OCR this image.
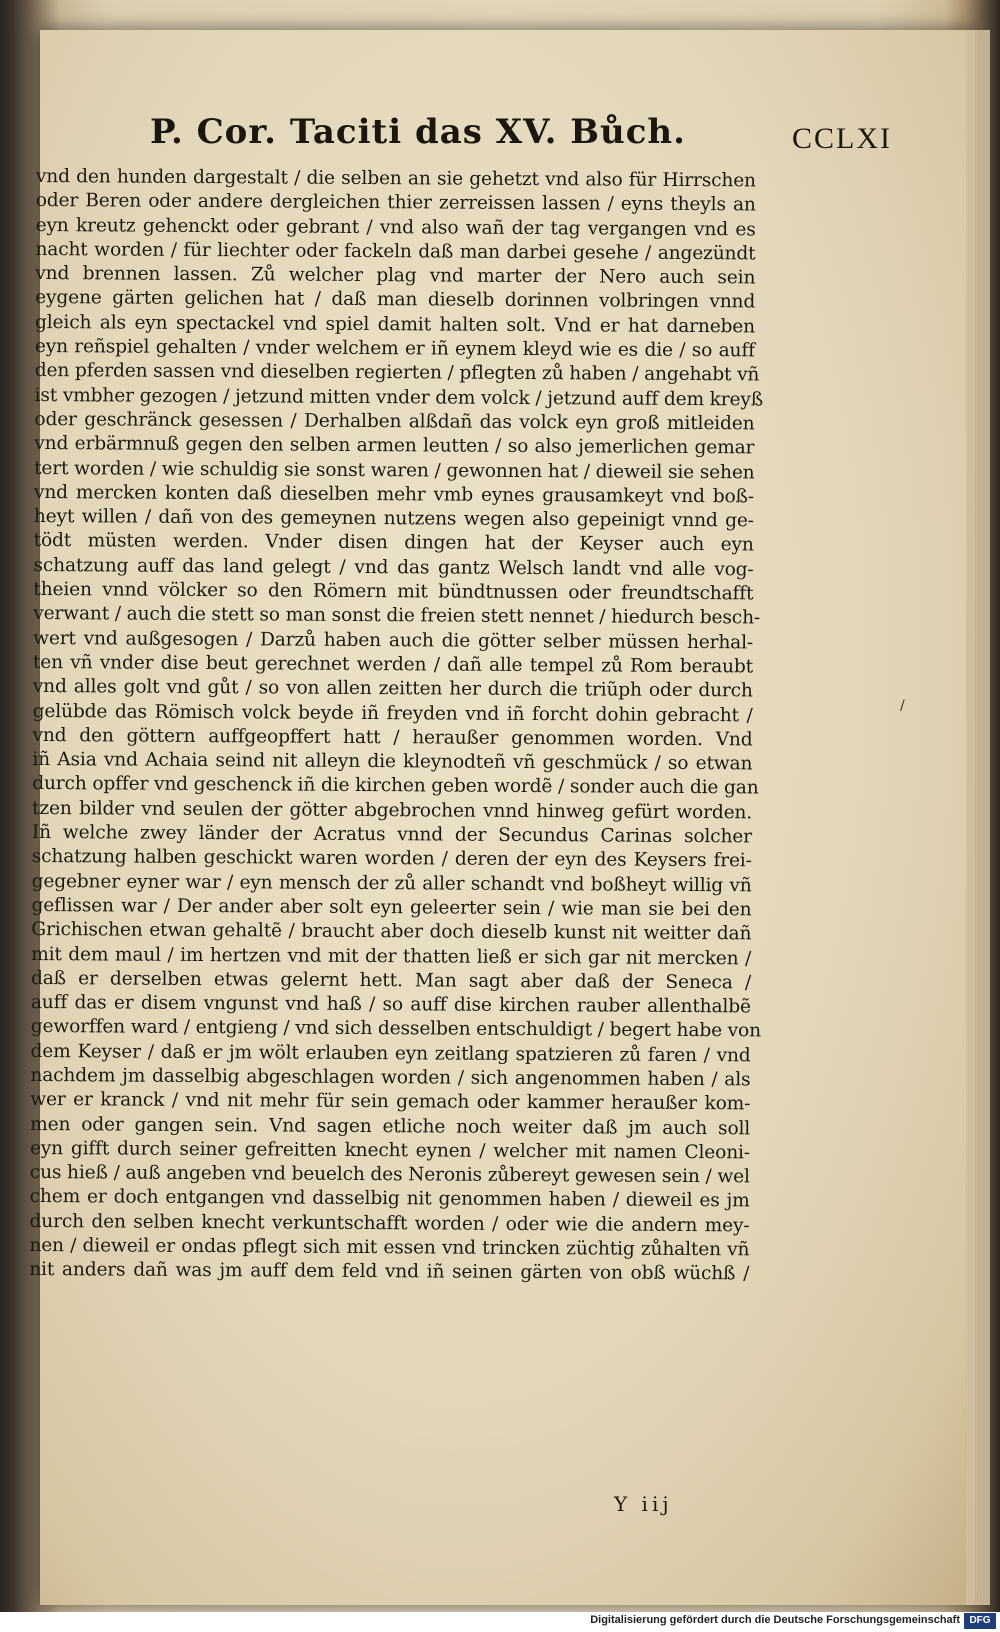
P. Cor. Taciti das XV. Bůch.	CCLXI
vnd den hunden dargestalt / die selben an sie gehetzt vnd also für Hirrschen
oder Beren oder andere dergleichen thier zerreissen lassen / eyns theyls an
eyn kreutz gehenckt oder gebrant / vnd also wañ der tag vergangen vnd es
nacht worden / für liechter oder fackeln daß man darbei gesehe / angezündt
vnd brennen lassen. Zů welcher plag vnd marter der Nero auch sein
eygene gärten gelichen hat / daß man dieselb dorinnen volbringen vnnd
gleich als eyn spectackel vnd spiel damit halten solt. Vnd er hat darneben
eyn reñspiel gehalten / vnder welchem er iñ eynem kleyd wie es die / so auff
den pferden sassen vnd dieselben regierten / pflegten zů haben / angehabt vñ
ist vmbher gezogen / jetzund mitten vnder dem volck / jetzund auff dem kreyß
oder geschränck gesessen / Derhalben alßdañ das volck eyn groß mitleiden
vnd erbärmnuß gegen den selben armen leutten / so also jemerlichen gemar
tert worden / wie schuldig sie sonst waren / gewonnen hat / dieweil sie sehen
vnd mercken konten daß dieselben mehr vmb eynes grausamkeyt vnd boß-
heyt willen / dañ von des gemeynen nutzens wegen also gepeinigt vnnd ge-
tödt müsten werden. Vnder disen dingen hat der Keyser auch eyn
schatzung auff das land gelegt / vnd das gantz Welsch landt vnd alle vog-
theien vnnd völcker so den Römern mit bündtnussen oder freundtschafft
verwant / auch die stett so man sonst die freien stett nennet / hiedurch besch-
wert vnd außgesogen / Darzů haben auch die götter selber müssen herhal-
ten vñ vnder dise beut gerechnet werden / dañ alle tempel zů Rom beraubt
vnd alles golt vnd gůt / so von allen zeitten her durch die triũph oder durch
gelübde das Römisch volck beyde iñ freyden vnd iñ forcht dohin gebracht /
vnd den göttern auffgeopffert hatt / heraußer genommen worden. Vnd
iñ Asia vnd Achaia seind nit alleyn die kleynodteñ vñ geschmück / so etwan
durch opffer vnd geschenck iñ die kirchen geben wordẽ / sonder auch die gan
tzen bilder vnd seulen der götter abgebrochen vnnd hinweg gefürt worden.
Iñ welche zwey länder der Acratus vnnd der Secundus Carinas solcher
schatzung halben geschickt waren worden / deren der eyn des Keysers frei-
gegebner eyner war / eyn mensch der zů aller schandt vnd boßheyt willig vñ
geflissen war / Der ander aber solt eyn geleerter sein / wie man sie bei den
Grichischen etwan gehaltẽ / braucht aber doch dieselb kunst nit weitter dañ
mit dem maul / im hertzen vnd mit der thatten ließ er sich gar nit mercken /
daß er derselben etwas gelernt hett. Man sagt aber daß der Seneca /
auff das er disem vngunst vnd haß / so auff dise kirchen rauber allenthalbẽ
geworffen ward / entgieng / vnd sich desselben entschuldigt / begert habe von
dem Keyser / daß er jm wölt erlauben eyn zeitlang spatzieren zů faren / vnd
nachdem jm dasselbig abgeschlagen worden / sich angenommen haben / als
wer er kranck / vnd nit mehr für sein gemach oder kammer heraußer kom-
men oder gangen sein. Vnd sagen etliche noch weiter daß jm auch soll
eyn gifft durch seiner gefreitten knecht eynen / welcher mit namen Cleoni-
cus hieß / auß angeben vnd beuelch des Neronis zůbereyt gewesen sein / wel
chem er doch entgangen vnd dasselbig nit genommen haben / dieweil es jm
durch den selben knecht verkuntschafft worden / oder wie die andern mey-
nen / dieweil er ondas pflegt sich mit essen vnd trincken züchtig zůhalten vñ
nit anders dañ was jm auff dem feld vnd iñ seinen gärten von obß wüchß /
/
Y iij
Digitalisierung gefördert durch die Deutsche Forschungsgemeinschaft DFG
